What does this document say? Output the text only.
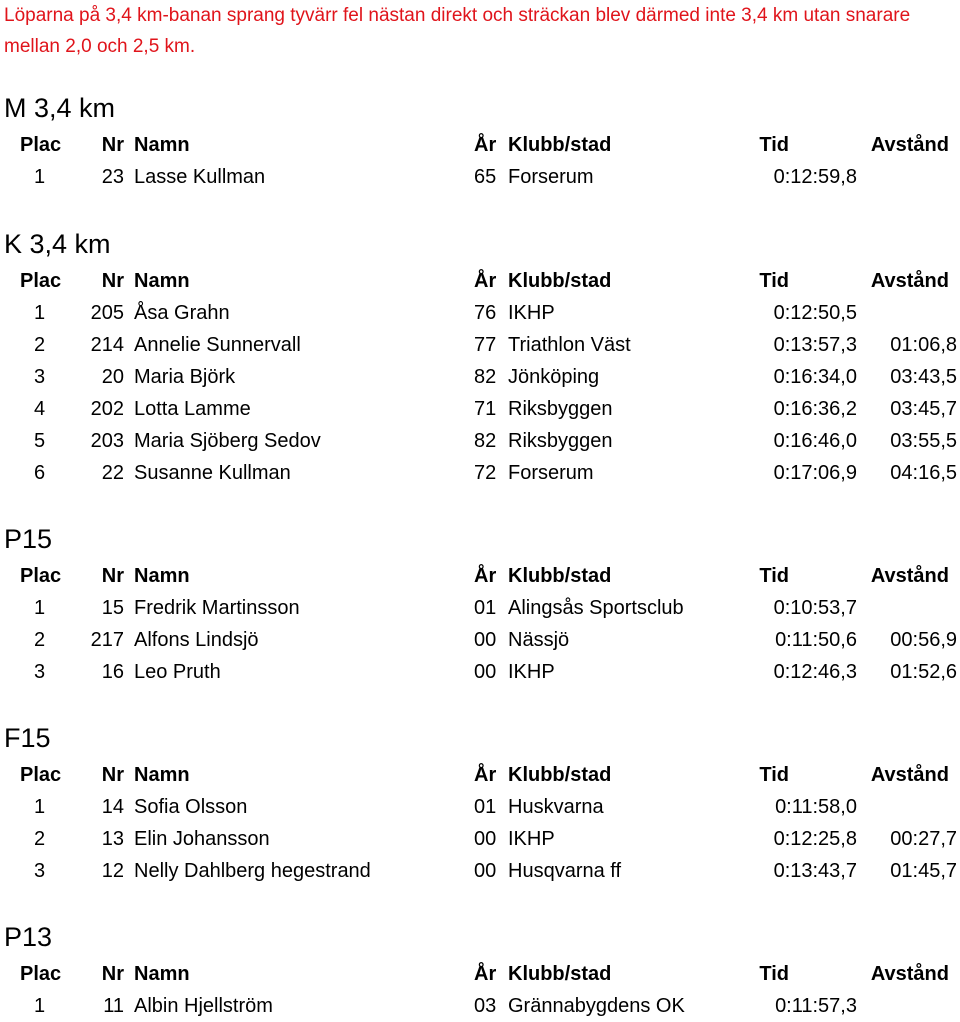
Löparna på 3,4 km-banan sprang tyvärr fel nästan direkt och sträckan blev därmed inte 3,4 km utan snarare mellan 2,0 och 2,5 km.
M 3,4 km
Plac	Nr Namn	År Klubb/stad	Tid	Avstånd
1	23 Lasse Kullman	65 Forserum	0:12:59,8
K 3,4 km
Plac	Nr Namn	År Klubb/stad	Tid	Avstånd
1	205 Åsa Grahn	76 IKHP	0:12:50,5
2	214 Annelie Sunnervall	77 Triathlon Väst	0:13:57,3 01:06,8
3	20 Maria Björk	82 Jönköping	0:16:34,0 03:43,5
4	202 Lotta Lamme	71 Riksbyggen	0:16:36,2 03:45,7
5	203 Maria Sjöberg Sedov	82 Riksbyggen	0:16:46,0 03:55,5
6	22 Susanne Kullman	72 Forserum	0:17:06,9 04:16,5
P15
Plac	Nr Namn	År Klubb/stad	Tid	Avstånd
1	15 Fredrik Martinsson	01 Alingsås Sportsclub	0:10:53,7
2	217 Alfons Lindsjö	00 Nässjö	0:11:50,6 00:56,9
3	16 Leo Pruth	00 IKHP	0:12:46,3 01:52,6
F15
Plac	Nr Namn	År Klubb/stad	Tid	Avstånd
1	14 Sofia Olsson	01 Huskvarna	0:11:58,0
2	13 Elin Johansson	00 IKHP	0:12:25,8 00:27,7
3	12 Nelly Dahlberg hegestrand	00 Husqvarna ff	0:13:43,7 01:45,7
P13
Plac	Nr Namn	År Klubb/stad	Tid	Avstånd
1	11 Albin Hjellström	03 Grännabygdens OK	0:11:57,3
